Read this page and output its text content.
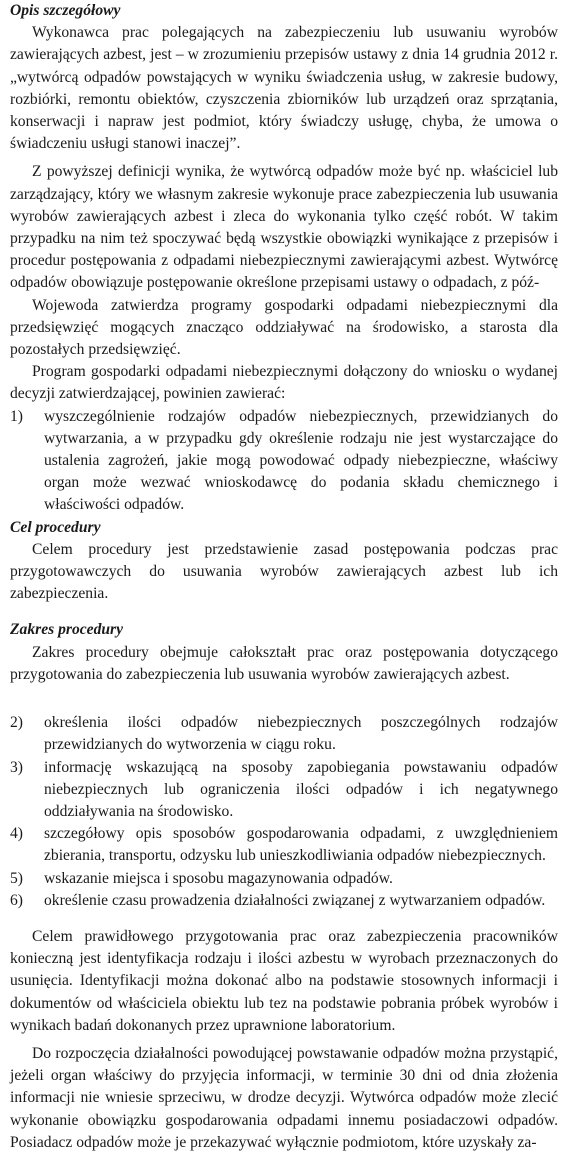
Opis szczegółowy

Wykonawca prac polegających na zabezpieczeniu lub usuwaniu wyrobów zawierających azbest, jest – w zrozumieniu przepisów ustawy z dnia 14 grudnia 2012 r. „wytwórcą odpadów powstających w wyniku świadczenia usług, w zakresie budowy, rozbiórki, remontu obiektów, czyszczenia zbiorników lub urządzeń oraz sprzątania, konserwacji i napraw jest podmiot, który świadczy usługę, chyba, że umowa o świadczeniu usługi stanowi inaczej”.

Z powyższej definicji wynika, że wytwórcą odpadów może być np. właściciel lub zarządzający, który we własnym zakresie wykonuje prace zabezpieczenia lub usuwania wyrobów zawierających azbest i zleca do wykonania tylko część robót. W takim przypadku na nim też spoczywać będą wszystkie obowiązki wynikające z przepisów i procedur postępowania z odpadami niebezpiecznymi zawierającymi azbest. Wytwórcę odpadów obowiązuje postępowanie określone przepisami ustawy o odpadach, z póź-

Wojewoda zatwierdza programy gospodarki odpadami niebezpiecznymi dla przedsięwzięć mogących znacząco oddziaływać na środowisko, a starosta dla pozostałych przedsięwzięć.

Program gospodarki odpadami niebezpiecznymi dołączony do wniosku o wydanej decyzji zatwierdzającej, powinien zawierać:

1) wyszczególnienie rodzajów odpadów niebezpiecznych, przewidzianych do wytwarzania, a w przypadku gdy określenie rodzaju nie jest wystarczające do ustalenia zagrożeń, jakie mogą powodować odpady niebezpieczne, właściwy organ może wezwać wnioskodawcę do podania składu chemicznego i właściwości odpadów.
Cel procedury

Celem procedury jest przedstawienie zasad postępowania podczas prac przygotowawczych do usuwania wyrobów zawierających azbest lub ich zabezpieczenia.

Zakres procedury

Zakres procedury obejmuje całokształt prac oraz postępowania dotyczącego przygotowania do zabezpieczenia lub usuwania wyrobów zawierających azbest.

2) określenia ilości odpadów niebezpiecznych poszczególnych rodzajów przewidzianych do wytworzenia w ciągu roku.
3) informację wskazującą na sposoby zapobiegania powstawaniu odpadów niebezpiecznych lub ograniczenia ilości odpadów i ich negatywnego oddziaływania na środowisko.
4) szczegółowy opis sposobów gospodarowania odpadami, z uwzględnieniem zbierania, transportu, odzysku lub unieszkodliwiania odpadów niebezpiecznych.
5) wskazanie miejsca i sposobu magazynowania odpadów.
6) określenie czasu prowadzenia działalności związanej z wytwarzaniem odpadów.

Celem prawidłowego przygotowania prac oraz zabezpieczenia pracowników konieczną jest identyfikacja rodzaju i ilości azbestu w wyrobach przeznaczonych do usunięcia. Identyfikacji można dokonać albo na podstawie stosownych informacji i dokumentów od właściciela obiektu lub tez na podstawie pobrania próbek wyrobów i wynikach badań dokonanych przez uprawnione laboratorium.

Do rozpoczęcia działalności powodującej powstawanie odpadów można przystąpić, jeżeli organ właściwy do przyjęcia informacji, w terminie 30 dni od dnia złożenia informacji nie wniesie sprzeciwu, w drodze decyzji. Wytwórca odpadów może zlecić wykonanie obowiązku gospodarowania odpadami innemu posiadaczowi odpadów. Posiadacz odpadów może je przekazywać wyłącznie podmiotom, które uzyskały za-
